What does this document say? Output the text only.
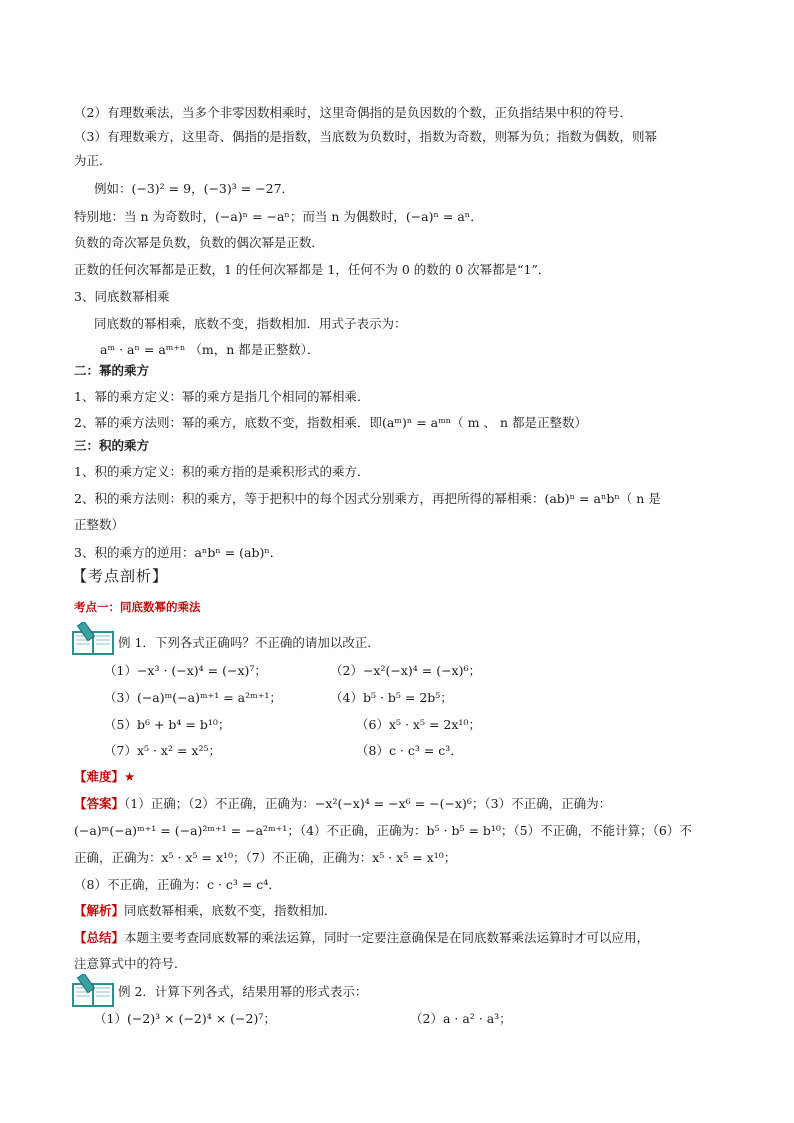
（2）有理数乘法，当多个非零因数相乘时，这里奇偶指的是负因数的个数，正负指结果中积的符号．
（3）有理数乘方，这里奇、偶指的是指数，当底数为负数时，指数为奇数，则幂为负；指数为偶数，则幂
为正．
例如：(−3)² = 9，(−3)³ = −27．
特别地：当 n 为奇数时，(−a)ⁿ = −aⁿ；而当 n 为偶数时，(−a)ⁿ = aⁿ．
负数的奇次幂是负数，负数的偶次幂是正数．
正数的任何次幂都是正数，1 的任何次幂都是 1，任何不为 0 的数的 0 次幂都是“1”．
3、同底数幂相乘
同底数的幂相乘，底数不变，指数相加．用式子表示为：
aᵐ · aⁿ = aᵐ⁺ⁿ （m，n 都是正整数）．
二：幂的乘方
1、幂的乘方定义：幂的乘方是指几个相同的幂相乘．
2、幂的乘方法则：幂的乘方，底数不变，指数相乘．即(aᵐ)ⁿ = aᵐⁿ（ m 、 n 都是正整数）
三：积的乘方
1、积的乘方定义：积的乘方指的是乘积形式的乘方．
2、积的乘方法则：积的乘方，等于把积中的每个因式分别乘方，再把所得的幂相乘：(ab)ⁿ = aⁿbⁿ（ n 是
正整数）
3、积的乘方的逆用：aⁿbⁿ = (ab)ⁿ．
【考点剖析】
考点一：同底数幂的乘法
例 1．下列各式正确吗？不正确的请加以改正．
（1）−x³ · (−x)⁴ = (−x)⁷；	（2）−x²(−x)⁴ = (−x)⁶；
（3）(−a)ᵐ(−a)ᵐ⁺¹ = a²ᵐ⁺¹；	（4）b⁵ · b⁵ = 2b⁵；
（5）b⁶ + b⁴ = b¹⁰；	（6）x⁵ · x⁵ = 2x¹⁰；
（7）x⁵ · x² = x²⁵；	（8）c · c³ = c³．
【难度】★
【答案】（1）正确；（2）不正确，正确为：−x²(−x)⁴ = −x⁶ = −(−x)⁶；（3）不正确，正确为：
(−a)ᵐ(−a)ᵐ⁺¹ = (−a)²ᵐ⁺¹ = −a²ᵐ⁺¹；（4）不正确，正确为：b⁵ · b⁵ = b¹⁰；（5）不正确，不能计算；（6）不
正确，正确为：x⁵ · x⁵ = x¹⁰；（7）不正确，正确为：x⁵ · x⁵ = x¹⁰；
（8）不正确，正确为：c · c³ = c⁴．
【解析】同底数幂相乘，底数不变，指数相加．
【总结】本题主要考查同底数幂的乘法运算，同时一定要注意确保是在同底数幂乘法运算时才可以应用，
注意算式中的符号．
例 2．计算下列各式，结果用幂的形式表示：
（1）(−2)³ × (−2)⁴ × (−2)⁷；	（2）a · a² · a³；
